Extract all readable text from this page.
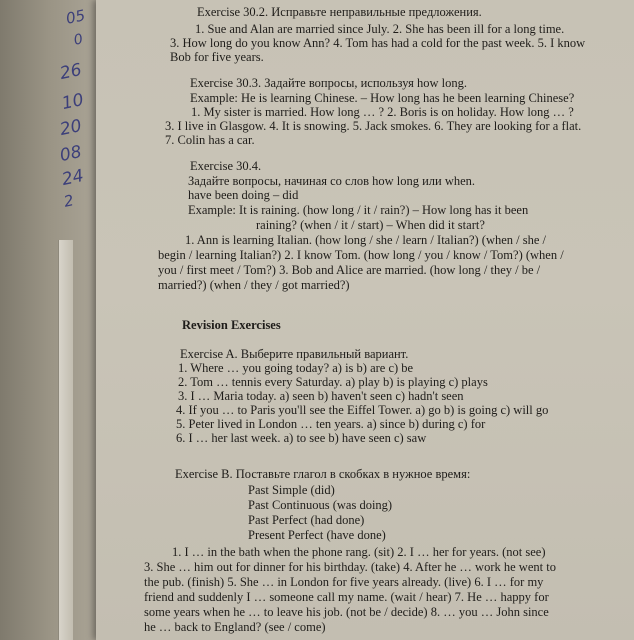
05
0
26
10
20
08
24
2

Exercise 30.2. Исправьте неправильные предложения.

1. Sue and Alan are married since July. 2. She has been ill for a long time.

3. How long do you know Ann? 4. Tom has had a cold for the past week. 5. I know

Bob for five years.

Exercise 30.3. Задайте вопросы, используя how long.

Example: He is learning Chinese. – How long has he been learning Chinese?

1. My sister is married. How long … ? 2. Boris is on holiday. How long … ?

3. I live in Glasgow. 4. It is snowing. 5. Jack smokes. 6. They are looking for a flat.

7. Colin has a car.

Exercise 30.4.

Задайте вопросы, начиная со слов how long или when.

have been doing – did

Example: It is raining. (how long / it / rain?) – How long has it been

raining? (when / it / start) – When did it start?

1. Ann is learning Italian. (how long / she / learn / Italian?) (when / she /

begin / learning Italian?) 2. I know Tom. (how long / you / know / Tom?) (when /

you / first meet / Tom?) 3. Bob and Alice are married. (how long / they / be /

married?) (when / they / got married?)

Revision Exercises

Exercise A. Выберите правильный вариант.

1. Where … you going today? a) is b) are c) be

2. Tom … tennis every Saturday. a) play b) is playing c) plays

3. I … Maria today. a) seen b) haven't seen c) hadn't seen

4. If you … to Paris you'll see the Eiffel Tower. a) go b) is going c) will go

5. Peter lived in London … ten years. a) since b) during c) for

6. I … her last week. a) to see b) have seen c) saw

Exercise B. Поставьте глагол в скобках в нужное время:

Past Simple (did)

Past Continuous (was doing)

Past Perfect (had done)

Present Perfect (have done)

1. I … in the bath when the phone rang. (sit) 2. I … her for years. (not see)

3. She … him out for dinner for his birthday. (take) 4. After he … work he went to

the pub. (finish) 5. She … in London for five years already. (live) 6. I … for my

friend and suddenly I … someone call my name. (wait / hear) 7. He … happy for

some years when he … to leave his job. (not be / decide) 8. … you … John since

he … back to England? (see / come)
